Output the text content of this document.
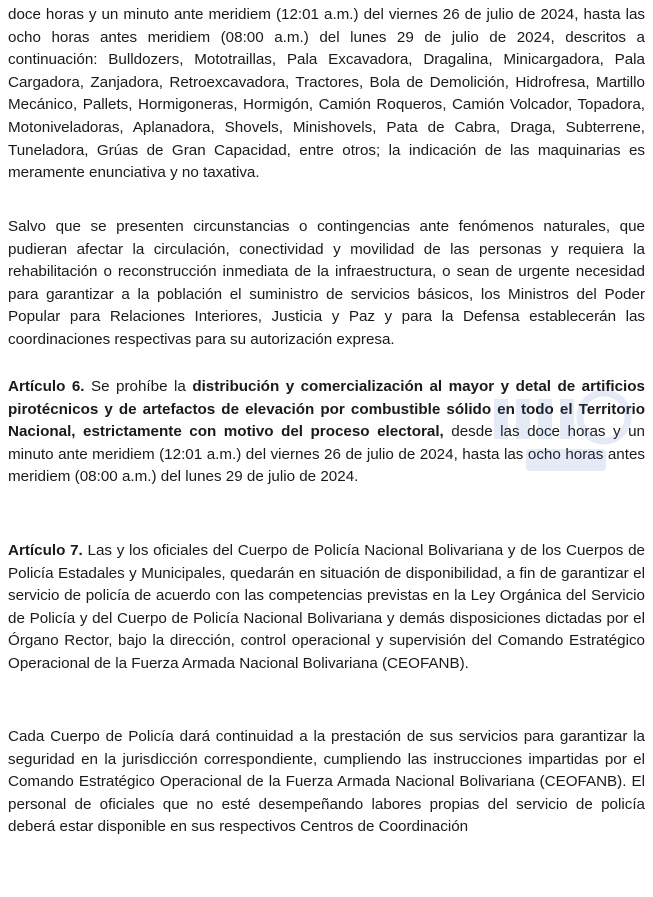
doce horas y un minuto ante meridiem (12:01 a.m.) del viernes 26 de julio de 2024, hasta las ocho horas antes meridiem (08:00 a.m.) del lunes 29 de julio de 2024, descritos a continuación: Bulldozers, Mototraillas, Pala Excavadora, Dragalina, Minicargadora, Pala Cargadora, Zanjadora, Retroexcavadora, Tractores, Bola de Demolición, Hidrofresa, Martillo Mecánico, Pallets, Hormigoneras, Hormigón, Camión Roqueros, Camión Volcador, Topadora, Motoniveladoras, Aplanadora, Shovels, Minishovels, Pata de Cabra, Draga, Subterrene, Tuneladora, Grúas de Gran Capacidad, entre otros; la indicación de las maquinarias es meramente enunciativa y no taxativa.
Salvo que se presenten circunstancias o contingencias ante fenómenos naturales, que pudieran afectar la circulación, conectividad y movilidad de las personas y requiera la rehabilitación o reconstrucción inmediata de la infraestructura, o sean de urgente necesidad para garantizar a la población el suministro de servicios básicos, los Ministros del Poder Popular para Relaciones Interiores, Justicia y Paz y para la Defensa establecerán las coordinaciones respectivas para su autorización expresa.
Artículo 6. Se prohíbe la distribución y comercialización al mayor y detal de artificios pirotécnicos y de artefactos de elevación por combustible sólido en todo el Territorio Nacional, estrictamente con motivo del proceso electoral, desde las doce horas y un minuto ante meridiem (12:01 a.m.) del viernes 26 de julio de 2024, hasta las ocho horas antes meridiem (08:00 a.m.) del lunes 29 de julio de 2024.
Artículo 7. Las y los oficiales del Cuerpo de Policía Nacional Bolivariana y de los Cuerpos de Policía Estadales y Municipales, quedarán en situación de disponibilidad, a fin de garantizar el servicio de policía de acuerdo con las competencias previstas en la Ley Orgánica del Servicio de Policía y del Cuerpo de Policía Nacional Bolivariana y demás disposiciones dictadas por el Órgano Rector, bajo la dirección, control operacional y supervisión del Comando Estratégico Operacional de la Fuerza Armada Nacional Bolivariana (CEOFANB).
Cada Cuerpo de Policía dará continuidad a la prestación de sus servicios para garantizar la seguridad en la jurisdicción correspondiente, cumpliendo las instrucciones impartidas por el Comando Estratégico Operacional de la Fuerza Armada Nacional Bolivariana (CEOFANB). El personal de oficiales que no esté desempeñando labores propias del servicio de policía deberá estar disponible en sus respectivos Centros de Coordinación
